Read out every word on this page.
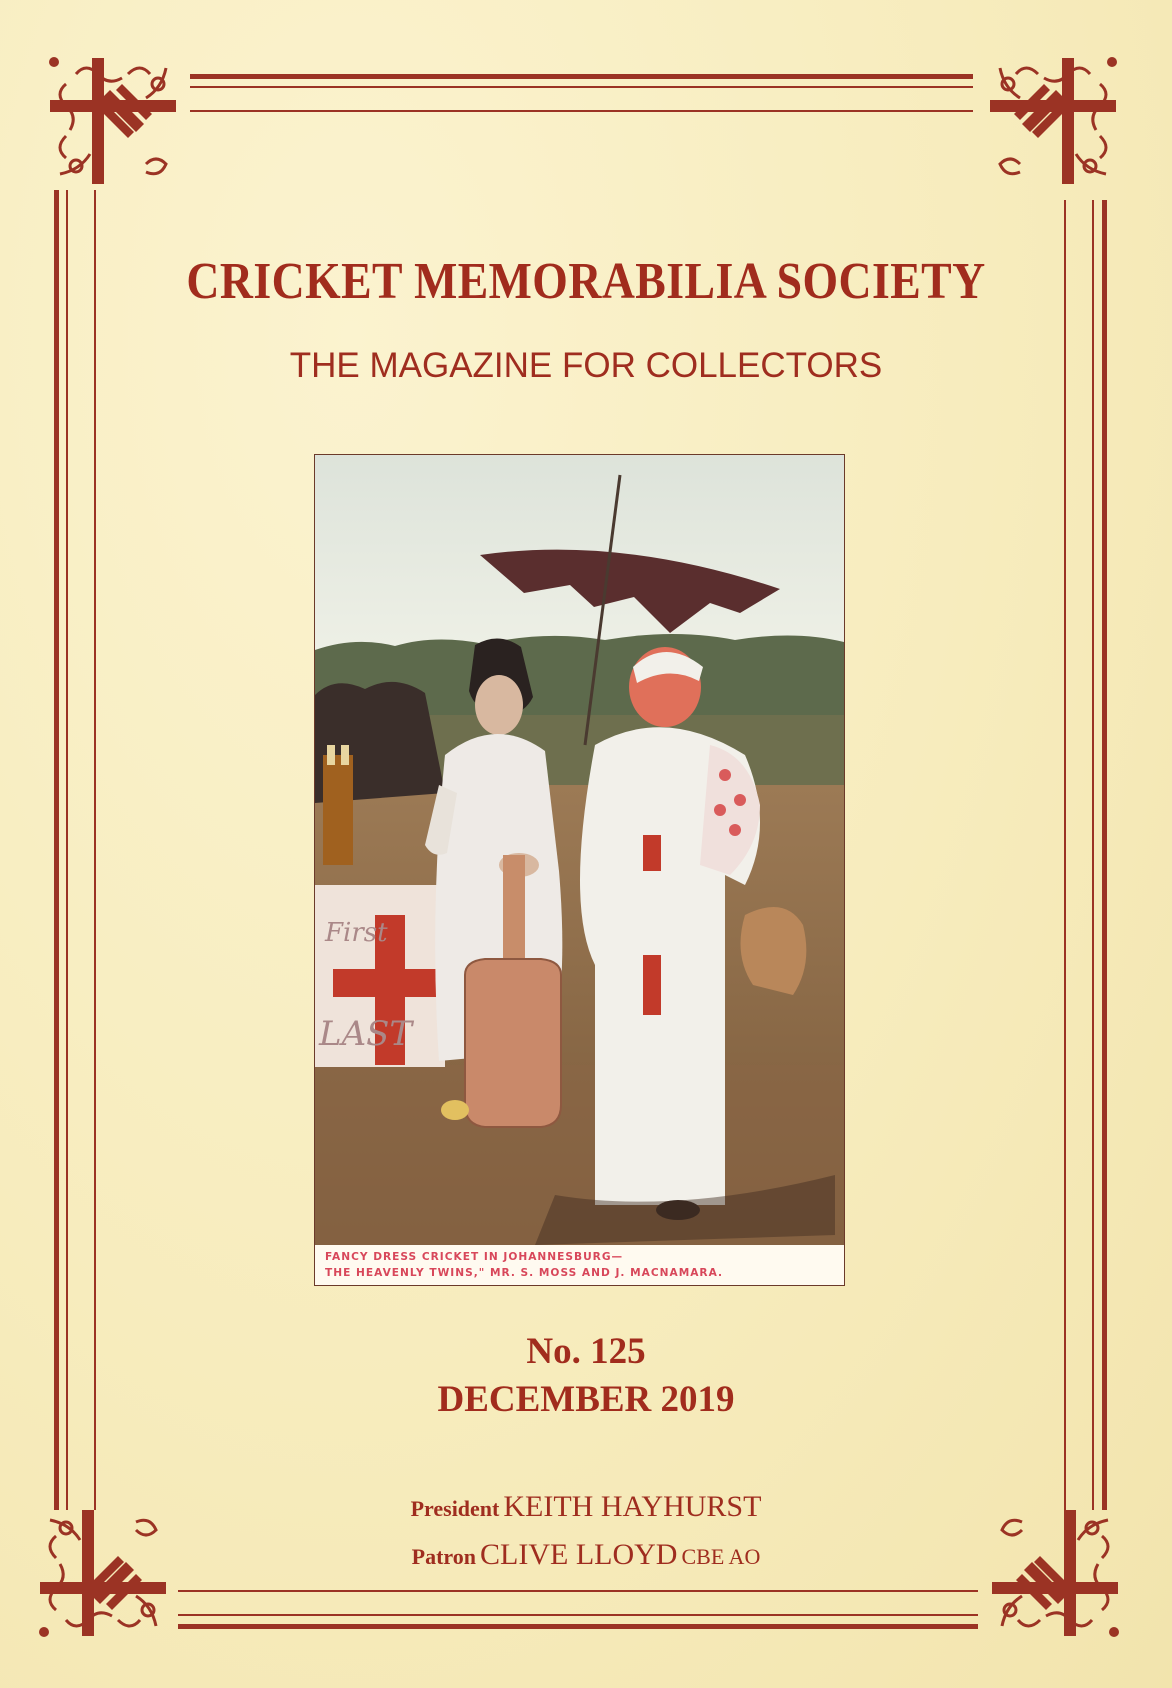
CRICKET MEMORABILIA SOCIETY
THE MAGAZINE FOR COLLECTORS
First
LAST
FANCY DRESS CRICKET IN JOHANNESBURG—
THE HEAVENLY TWINS," MR. S. MOSS AND J. MACNAMARA.
No. 125
DECEMBER 2019
President KEITH HAYHURST
Patron CLIVE LLOYD CBE AO
